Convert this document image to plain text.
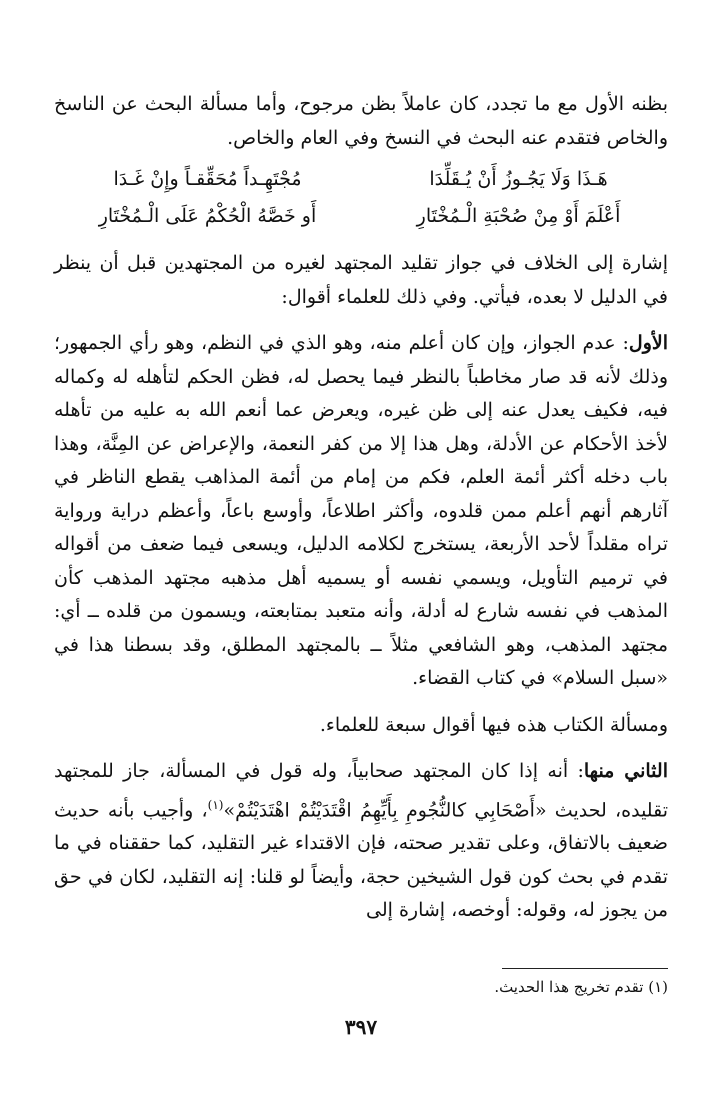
بظنه الأول مع ما تجدد، كان عاملاً بظن مرجوح، وأما مسألة البحث عن الناسخ والخاص فتقدم عنه البحث في النسخ وفي العام والخاص.

هَـذَا وَلَا يَجُـوزُ أَنْ يُـقَلِّدَا
مُجْتَهِـداً مُحَقِّقـاً وإِنْ غَـدَا
أَعْلَمَ أَوْ مِنْ صُحْبَةِ الْـمُخْتَارِ
أَو خَصَّهُ الْحُكْمُ عَلَى الْـمُخْتَارِ

إشارة إلى الخلاف في جواز تقليد المجتهد لغيره من المجتهدين قبل أن ينظر في الدليل لا بعده، فيأتي. وفي ذلك للعلماء أقوال:

الأول: عدم الجواز، وإن كان أعلم منه، وهو الذي في النظم، وهو رأي الجمهور؛ وذلك لأنه قد صار مخاطباً بالنظر فيما يحصل له، فظن الحكم لتأهله له وكماله فيه، فكيف يعدل عنه إلى ظن غيره، ويعرض عما أنعم الله به عليه من تأهله لأخذ الأحكام عن الأدلة، وهل هذا إلا من كفر النعمة، والإعراض عن المِنَّة، وهذا باب دخله أكثر أئمة العلم، فكم من إمام من أئمة المذاهب يقطع الناظر في آثارهم أنهم أعلم ممن قلدوه، وأكثر اطلاعاً، وأوسع باعاً، وأعظم دراية ورواية تراه مقلداً لأحد الأربعة، يستخرج لكلامه الدليل، ويسعى فيما ضعف من أقواله في ترميم التأويل، ويسمي نفسه أو يسميه أهل مذهبه مجتهد المذهب كأن المذهب في نفسه شارع له أدلة، وأنه متعبد بمتابعته، ويسمون من قلده ــ أي: مجتهد المذهب، وهو الشافعي مثلاً ــ بالمجتهد المطلق، وقد بسطنا هذا في «سبل السلام» في كتاب القضاء.

ومسألة الكتاب هذه فيها أقوال سبعة للعلماء.

الثاني منها: أنه إذا كان المجتهد صحابياً، وله قول في المسألة، جاز للمجتهد تقليده، لحديث «أَصْحَابِي كالنُّجُومِ بِأَيِّهِمُ اقْتَدَيْتُمْ اهْتَدَيْتُمْ»$^{(١)}$، وأجيب بأنه حديث ضعيف بالاتفاق، وعلى تقدير صحته، فإن الاقتداء غير التقليد، كما حققناه في ما تقدم في بحث كون قول الشيخين حجة، وأيضاً لو قلنا: إنه التقليد، لكان في حق من يجوز له، وقوله: أوخصه، إشارة إلى

(١) تقدم تخريج هذا الحديث.

٣٩٧
